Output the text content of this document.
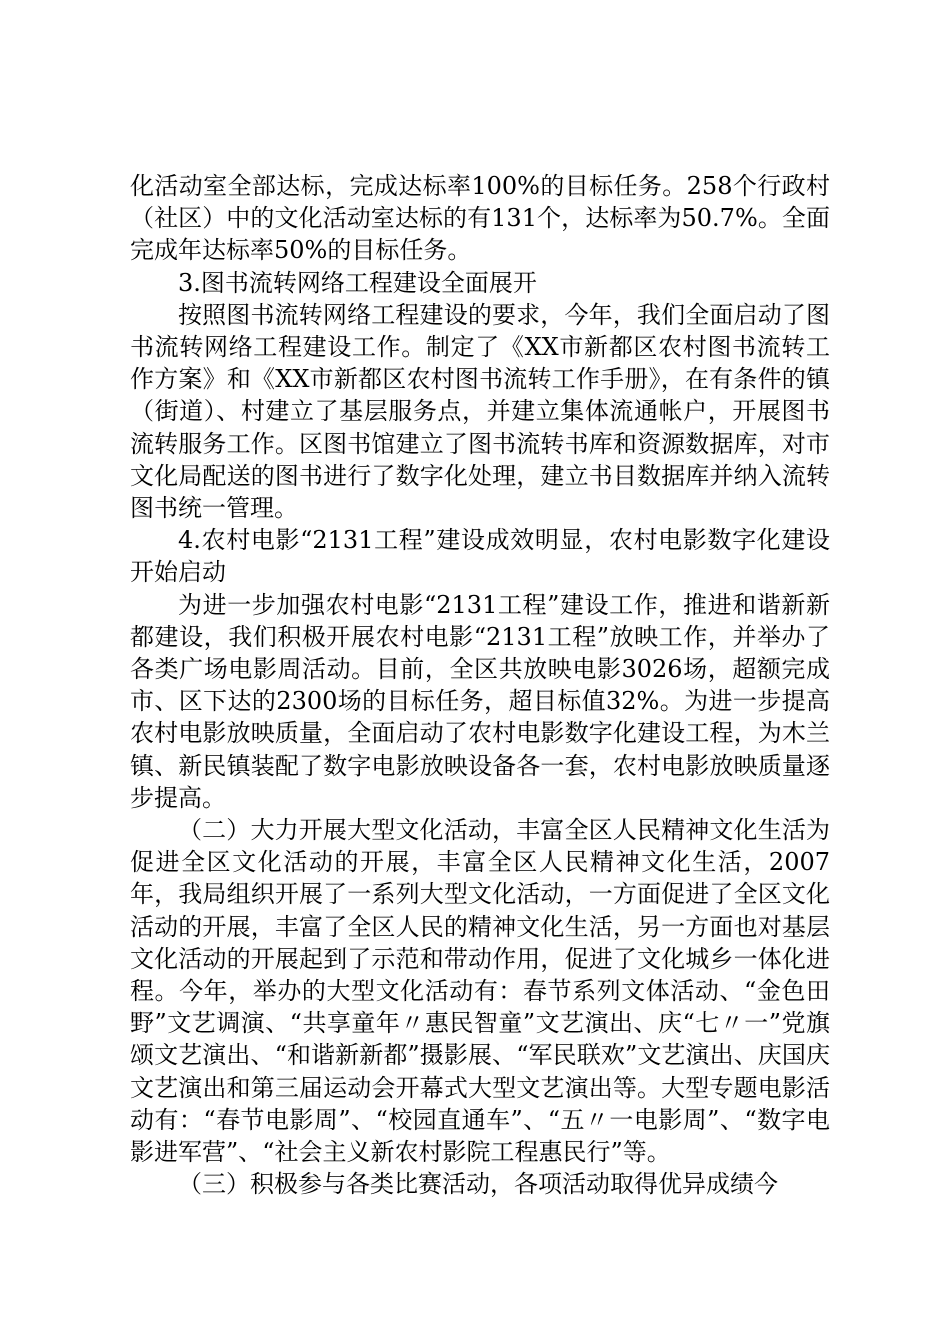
化活动室全部达标，完成达标率100%的目标任务。258个行政村（社区）中的文化活动室达标的有131个，达标率为50.7%。全面完成年达标率50%的目标任务。

3.图书流转网络工程建设全面展开

按照图书流转网络工程建设的要求，今年，我们全面启动了图书流转网络工程建设工作。制定了《XX市新都区农村图书流转工作方案》和《XX市新都区农村图书流转工作手册》，在有条件的镇（街道）、村建立了基层服务点，并建立集体流通帐户，开展图书流转服务工作。区图书馆建立了图书流转书库和资源数据库，对市文化局配送的图书进行了数字化处理，建立书目数据库并纳入流转图书统一管理。

4.农村电影“2131工程”建设成效明显，农村电影数字化建设开始启动

为进一步加强农村电影“2131工程”建设工作，推进和谐新新都建设，我们积极开展农村电影“2131工程”放映工作，并举办了各类广场电影周活动。目前，全区共放映电影3026场，超额完成市、区下达的2300场的目标任务，超目标值32%。为进一步提高农村电影放映质量，全面启动了农村电影数字化建设工程，为木兰镇、新民镇装配了数字电影放映设备各一套，农村电影放映质量逐步提高。

（二）大力开展大型文化活动，丰富全区人民精神文化生活为促进全区文化活动的开展，丰富全区人民精神文化生活，2007年，我局组织开展了一系列大型文化活动，一方面促进了全区文化活动的开展，丰富了全区人民的精神文化生活，另一方面也对基层文化活动的开展起到了示范和带动作用，促进了文化城乡一体化进程。今年，举办的大型文化活动有：春节系列文体活动、“金色田野”文艺调演、“共享童年〃惠民智童”文艺演出、庆“七〃一”党旗颂文艺演出、“和谐新新都”摄影展、“军民联欢”文艺演出、庆国庆文艺演出和第三届运动会开幕式大型文艺演出等。大型专题电影活动有：“春节电影周”、“校园直通车”、“五〃一电影周”、“数字电影进军营”、“社会主义新农村影院工程惠民行”等。

（三）积极参与各类比赛活动，各项活动取得优异成绩今
